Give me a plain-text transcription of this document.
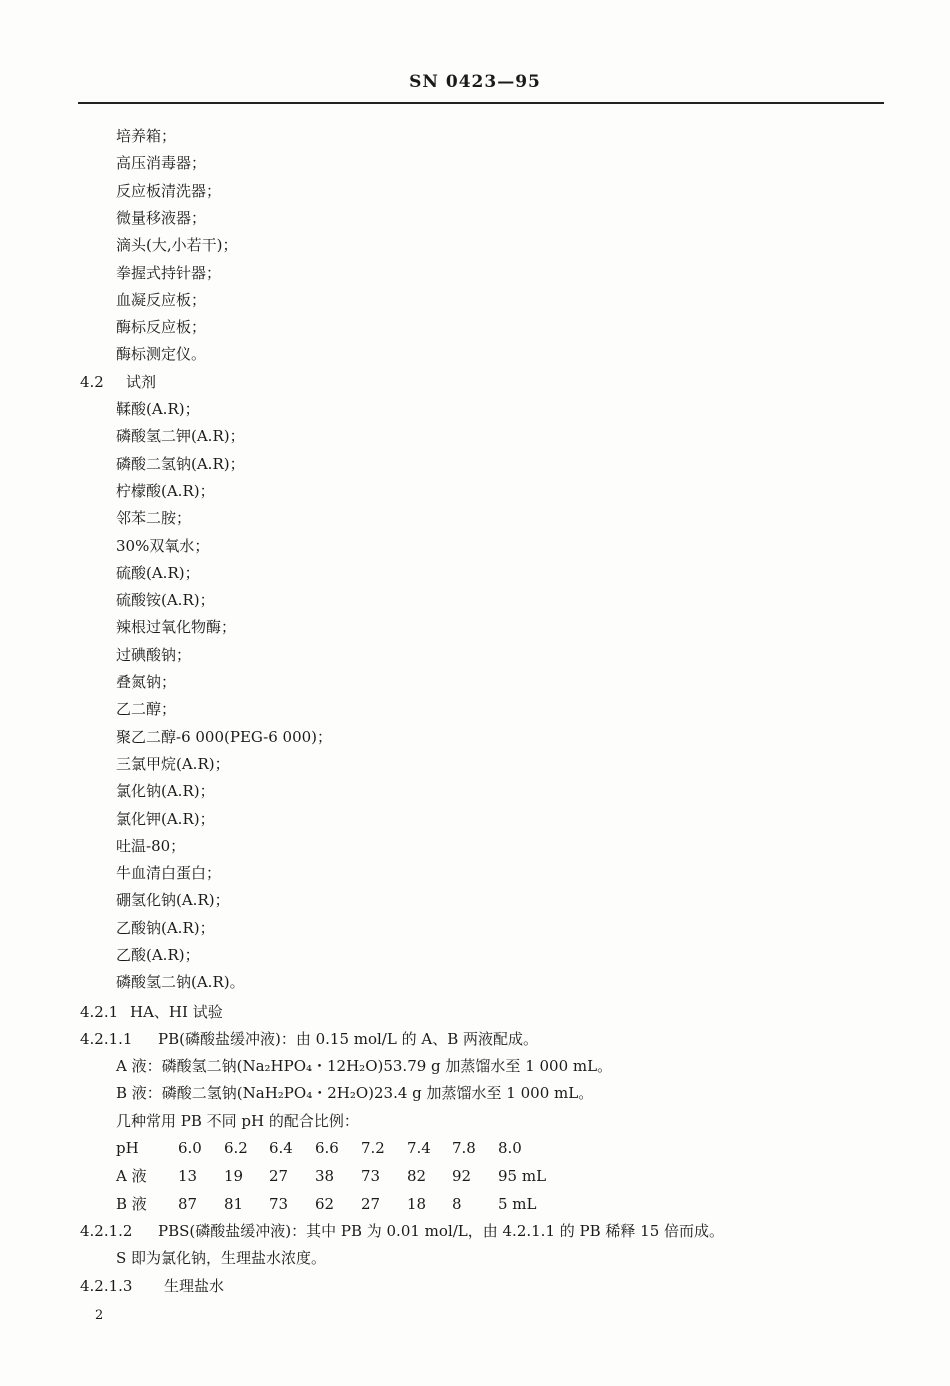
SN 0423—95
培养箱；
高压消毒器；
反应板清洗器；
微量移液器；
滴头(大,小若干)；
拳握式持针器；
血凝反应板；
酶标反应板；
酶标测定仪。
4.2 试剂
鞣酸(A.R)；
磷酸氢二钾(A.R)；
磷酸二氢钠(A.R)；
柠檬酸(A.R)；
邻苯二胺；
30%双氧水；
硫酸(A.R)；
硫酸铵(A.R)；
辣根过氧化物酶；
过碘酸钠；
叠氮钠；
乙二醇；
聚乙二醇-6 000(PEG-6 000)；
三氯甲烷(A.R)；
氯化钠(A.R)；
氯化钾(A.R)；
吐温-80；
牛血清白蛋白；
硼氢化钠(A.R)；
乙酸钠(A.R)；
乙酸(A.R)；
磷酸氢二钠(A.R)。
4.2.1 HA、HI 试验
4.2.1.1 PB(磷酸盐缓冲液)：由 0.15 mol/L 的 A、B 两液配成。
A 液：磷酸氢二钠(Na₂HPO₄・12H₂O)53.79 g 加蒸馏水至 1 000 mL。
B 液：磷酸二氢钠(NaH₂PO₄・2H₂O)23.4 g 加蒸馏水至 1 000 mL。
几种常用 PB 不同 pH 的配合比例：
pH	6.0 6.2 6.4 6.6 7.2 7.4 7.8 8.0
A 液 13 19 27 38 73 82 92 95 mL
B 液 87 81 73 62 27 18 8 5 mL
4.2.1.2 PBS(磷酸盐缓冲液)：其中 PB 为 0.01 mol/L，由 4.2.1.1 的 PB 稀释 15 倍而成。
S 即为氯化钠，生理盐水浓度。
4.2.1.3 生理盐水
2
